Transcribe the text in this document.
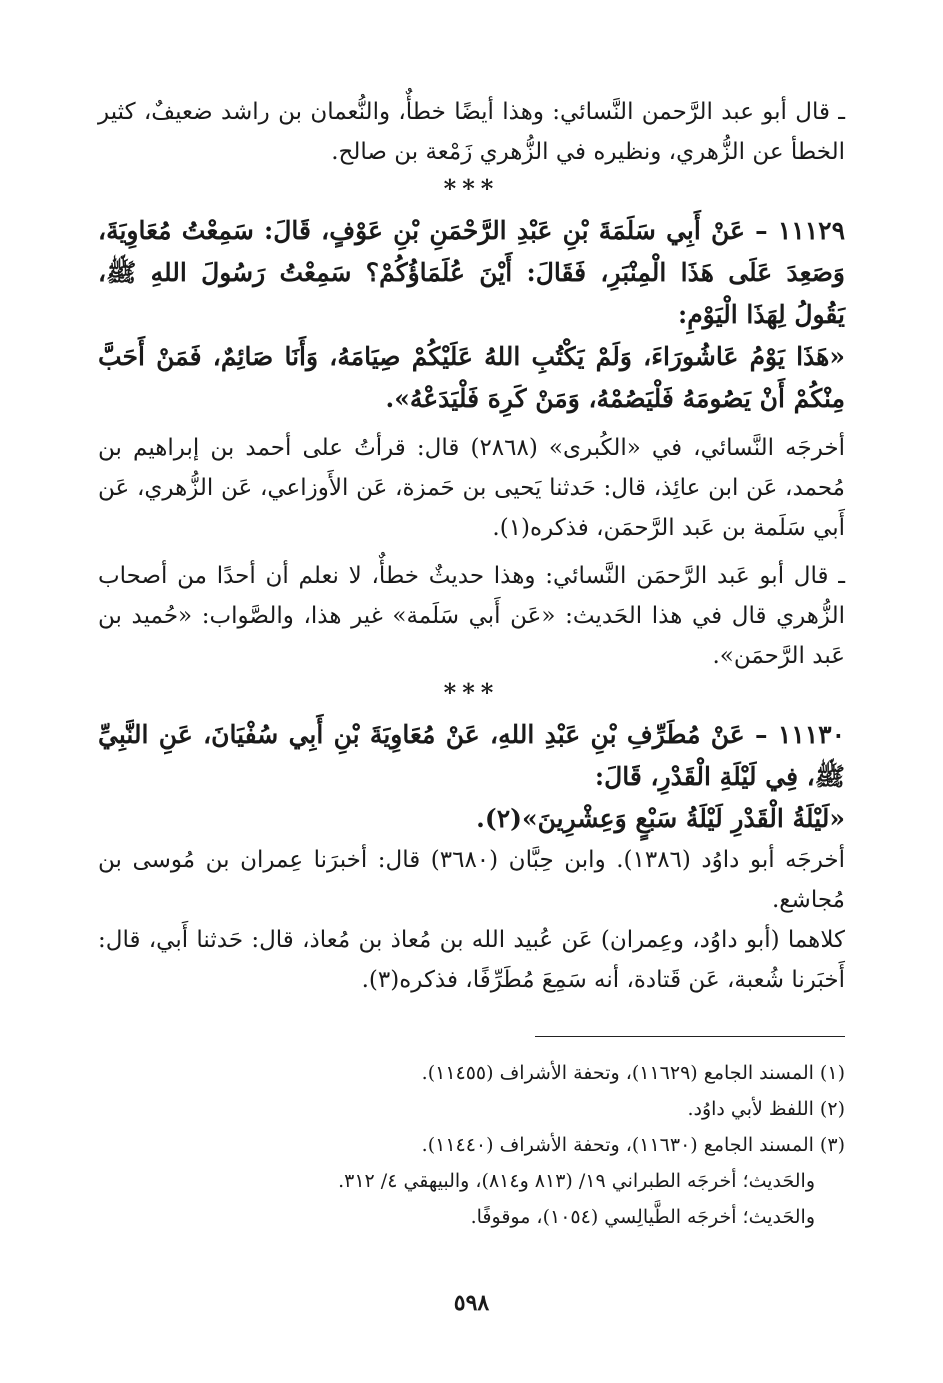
ـ قال أبو عبد الرَّحمن النَّسائي: وهذا أيضًا خطأٌ، والنُّعمان بن راشد ضعيفٌ، كثير الخطأ عن الزُّهري، ونظيره في الزُّهري زَمْعة بن صالح.

***

١١١٢٩ – عَنْ أَبِي سَلَمَةَ بْنِ عَبْدِ الرَّحْمَنِ بْنِ عَوْفٍ، قَالَ: سَمِعْتُ مُعَاوِيَةَ، وَصَعِدَ عَلَى هَذَا الْمِنْبَرِ، فَقَالَ: أَيْنَ عُلَمَاؤُكُمْ؟ سَمِعْتُ رَسُولَ اللهِ ﷺ، يَقُولُ لِهَذَا الْيَوْمِ:

«هَذَا يَوْمُ عَاشُورَاءَ، وَلَمْ يَكْتُبِ اللهُ عَلَيْكُمْ صِيَامَهُ، وَأَنَا صَائِمٌ، فَمَنْ أَحَبَّ مِنْكُمْ أَنْ يَصُومَهُ فَلْيَصُمْهُ، وَمَنْ كَرِهَ فَلْيَدَعْهُ».

أخرجَه النَّسائي، في «الكُبرى» (٢٨٦٨) قال: قرأتُ على أحمد بن إبراهيم بن مُحمد، عَن ابن عائِذ، قال: حَدثنا يَحيى بن حَمزة، عَن الأَوزاعي، عَن الزُّهري، عَن أَبي سَلَمة بن عَبد الرَّحمَن، فذكره(١).

ـ قال أبو عَبد الرَّحمَن النَّسائي: وهذا حديثٌ خطأٌ، لا نعلم أن أحدًا من أصحاب الزُّهري قال في هذا الحَديث: «عَن أَبي سَلَمة» غير هذا، والصَّواب: «حُميد بن عَبد الرَّحمَن».

***

١١١٣٠ – عَنْ مُطَرِّفِ بْنِ عَبْدِ اللهِ، عَنْ مُعَاوِيَةَ بْنِ أَبِي سُفْيَانَ، عَنِ النَّبِيِّ ﷺ، فِي لَيْلَةِ الْقَدْرِ، قَالَ:

«لَيْلَةُ الْقَدْرِ لَيْلَةُ سَبْعٍ وَعِشْرِينَ»(٢).

أخرجَه أبو داوُد (١٣٨٦). وابن حِبَّان (٣٦٨٠) قال: أخبرَنا عِمران بن مُوسى بن مُجاشع.

كلاهما (أبو داوُد، وعِمران) عَن عُبيد الله بن مُعاذ بن مُعاذ، قال: حَدثنا أَبي، قال: أَخبَرنا شُعبة، عَن قَتادة، أنه سَمِعَ مُطَرِّفًا، فذكره(٣).

(١) المسند الجامع (١١٦٢٩)، وتحفة الأشراف (١١٤٥٥).

(٢) اللفظ لأبي داوُد.

(٣) المسند الجامع (١١٦٣٠)، وتحفة الأشراف (١١٤٤٠).

والحَديث؛ أخرجَه الطبراني ١٩/ (٨١٣ و٨١٤)، والبيهقي ٤/ ٣١٢.

والحَديث؛ أخرجَه الطَّيالِسي (١٠٥٤)، موقوفًا.

٥٩٨
